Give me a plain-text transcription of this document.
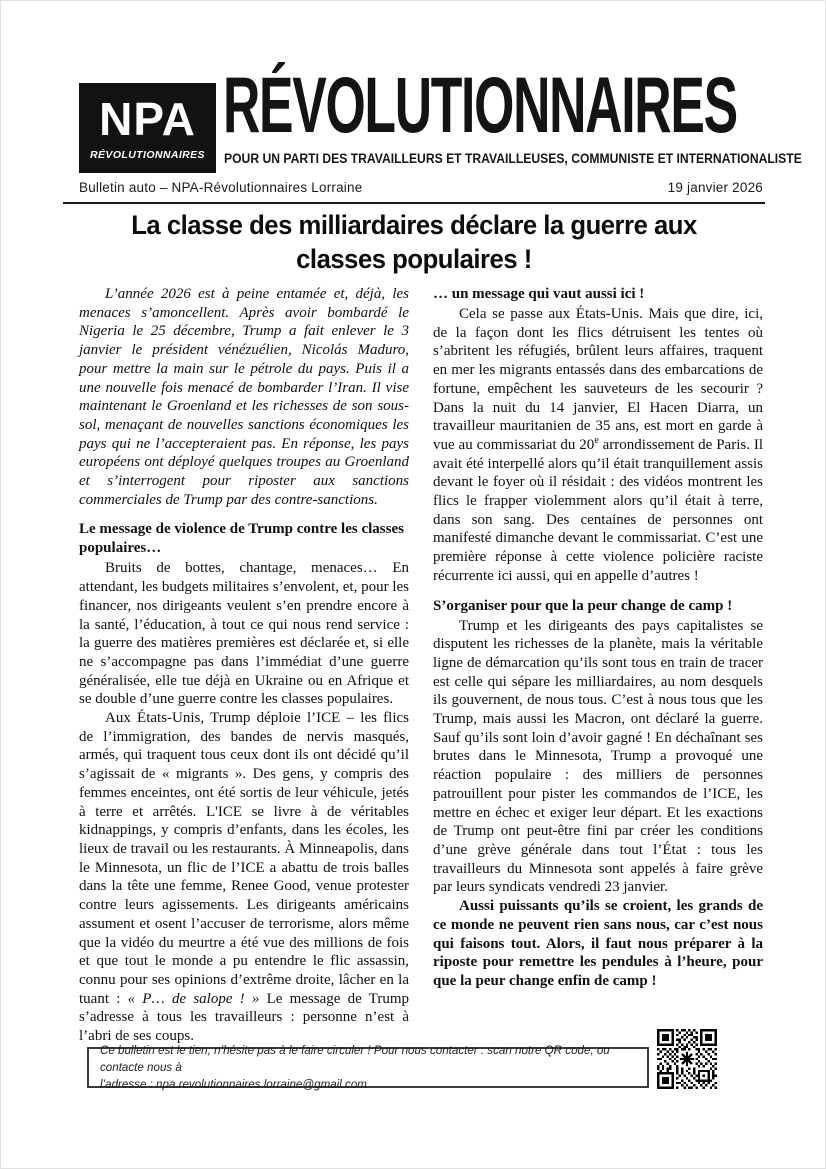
NPA
RÉVOLUTIONNAIRES
RÉVOLUTIONNAIRES
POUR UN PARTI DES TRAVAILLEURS ET TRAVAILLEUSES, COMMUNISTE ET INTERNATIONALISTE
Bulletin auto – NPA-Révolutionnaires Lorraine	19 janvier 2026
La classe des milliardaires déclare la guerre aux classes populaires !

L’année 2026 est à peine entamée et, déjà, les menaces s’amoncellent. Après avoir bombardé le Nigeria le 25 décembre, Trump a fait enlever le 3 janvier le président vénézuélien, Nicolás Maduro, pour mettre la main sur le pétrole du pays. Puis il a une nouvelle fois menacé de bombarder l’Iran. Il vise maintenant le Groenland et les richesses de son sous-sol, menaçant de nouvelles sanctions économiques les pays qui ne l’accepteraient pas. En réponse, les pays européens ont déployé quelques troupes au Groenland et s’interrogent pour riposter aux sanctions commerciales de Trump par des contre-sanctions.

Le message de violence de Trump contre les classes populaires…

Bruits de bottes, chantage, menaces… En attendant, les budgets militaires s’envolent, et, pour les financer, nos dirigeants veulent s’en prendre encore à la santé, l’éducation, à tout ce qui nous rend service : la guerre des matières premières est déclarée et, si elle ne s’accompagne pas dans l’immédiat d’une guerre généralisée, elle tue déjà en Ukraine ou en Afrique et se double d’une guerre contre les classes populaires.

Aux États-Unis, Trump déploie l’ICE – les flics de l’immigration, des bandes de nervis masqués, armés, qui traquent tous ceux dont ils ont décidé qu’il s’agissait de « migrants ». Des gens, y compris des femmes enceintes, ont été sortis de leur véhicule, jetés à terre et arrêtés. L'ICE se livre à de véritables kidnappings, y compris d’enfants, dans les écoles, les lieux de travail ou les restaurants. À Minneapolis, dans le Minnesota, un flic de l’ICE a abattu de trois balles dans la tête une femme, Renee Good, venue protester contre leurs agissements. Les dirigeants américains assument et osent l’accuser de terrorisme, alors même que la vidéo du meurtre a été vue des millions de fois et que tout le monde a pu entendre le flic assassin, connu pour ses opinions d’extrême droite, lâcher en la tuant : « P… de salope ! » Le message de Trump s’adresse à tous les travailleurs : personne n’est à l’abri de ses coups.

… un message qui vaut aussi ici !

Cela se passe aux États-Unis. Mais que dire, ici, de la façon dont les flics détruisent les tentes où s’abritent les réfugiés, brûlent leurs affaires, traquent en mer les migrants entassés dans des embarcations de fortune, empêchent les sauveteurs de les secourir ? Dans la nuit du 14 janvier, El Hacen Diarra, un travailleur mauritanien de 35 ans, est mort en garde à vue au commissariat du 20e arrondissement de Paris. Il avait été interpellé alors qu’il était tranquillement assis devant le foyer où il résidait : des vidéos montrent les flics le frapper violemment alors qu’il était à terre, dans son sang. Des centaines de personnes ont manifesté dimanche devant le commissariat. C’est une première réponse à cette violence policière raciste récurrente ici aussi, qui en appelle d’autres !

S’organiser pour que la peur change de camp !

Trump et les dirigeants des pays capitalistes se disputent les richesses de la planète, mais la véritable ligne de démarcation qu’ils sont tous en train de tracer est celle qui sépare les milliardaires, au nom desquels ils gouvernent, de nous tous. C’est à nous tous que les Trump, mais aussi les Macron, ont déclaré la guerre. Sauf qu’ils sont loin d’avoir gagné ! En déchaînant ses brutes dans le Minnesota, Trump a provoqué une réaction populaire : des milliers de personnes patrouillent pour pister les commandos de l’ICE, les mettre en échec et exiger leur départ. Et les exactions de Trump ont peut-être fini par créer les conditions d’une grève générale dans tout l’État : tous les travailleurs du Minnesota sont appelés à faire grève par leurs syndicats vendredi 23 janvier.

Aussi puissants qu’ils se croient, les grands de ce monde ne peuvent rien sans nous, car c’est nous qui faisons tout. Alors, il faut nous préparer à la riposte pour remettre les pendules à l’heure, pour que la peur change enfin de camp !

Ce bulletin est le tien, n’hésite pas à le faire circuler ! Pour nous contacter : scan notre QR code, ou contacte nous à
l’adresse : npa.revolutionnaires.lorraine@gmail.com
